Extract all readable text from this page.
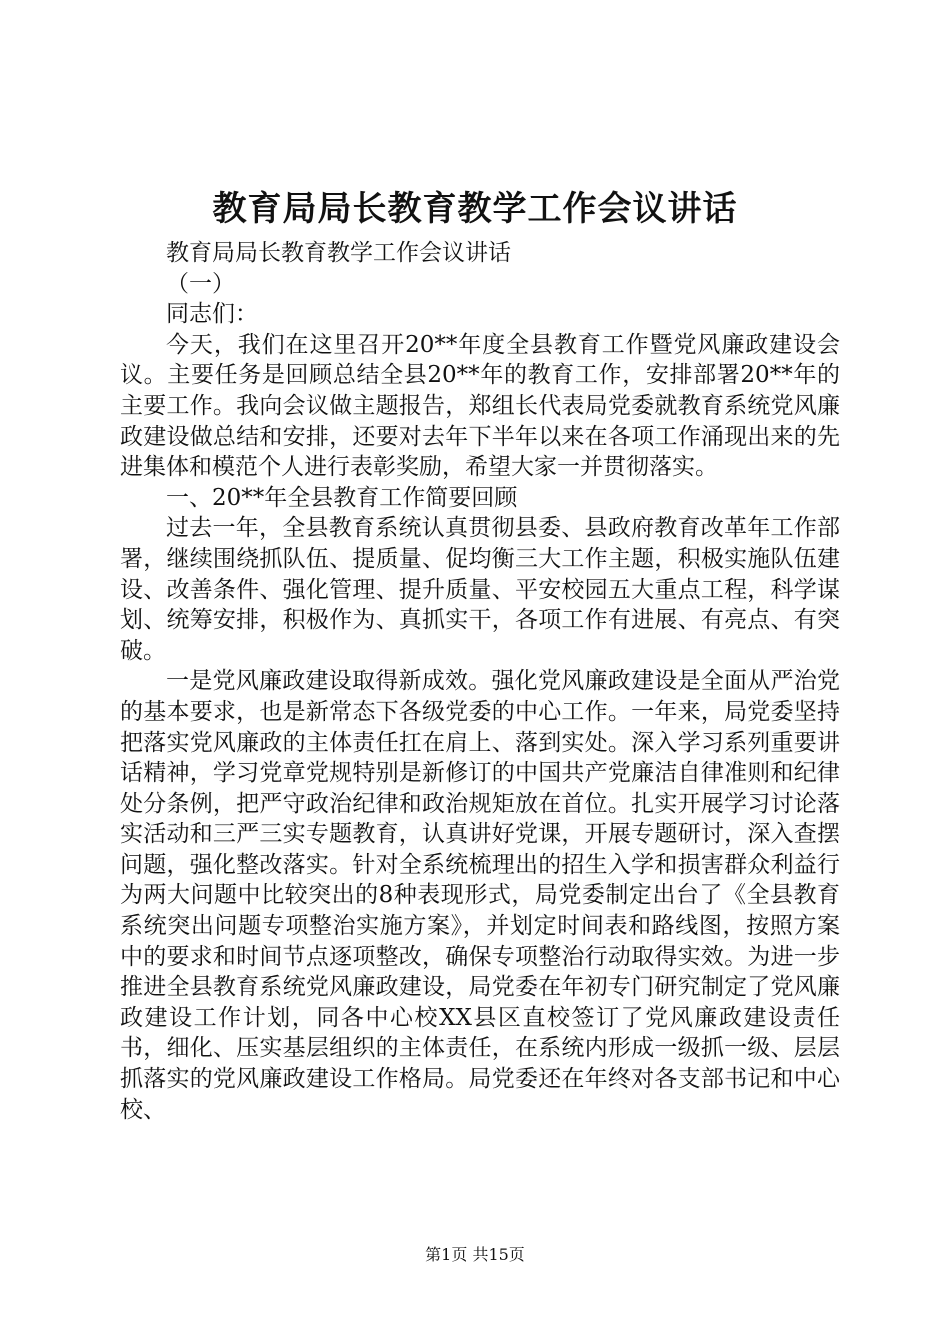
教育局局长教育教学工作会议讲话

教育局局长教育教学工作会议讲话

（一）

同志们：

今天，我们在这里召开20**年度全县教育工作暨党风廉政建设会议。主要任务是回顾总结全县20**年的教育工作，安排部署20**年的主要工作。我向会议做主题报告，郑组长代表局党委就教育系统党风廉政建设做总结和安排，还要对去年下半年以来在各项工作涌现出来的先进集体和模范个人进行表彰奖励，希望大家一并贯彻落实。

一、20**年全县教育工作简要回顾

过去一年，全县教育系统认真贯彻县委、县政府教育改革年工作部署，继续围绕抓队伍、提质量、促均衡三大工作主题，积极实施队伍建设、改善条件、强化管理、提升质量、平安校园五大重点工程，科学谋划、统筹安排，积极作为、真抓实干，各项工作有进展、有亮点、有突破。

一是党风廉政建设取得新成效。强化党风廉政建设是全面从严治党的基本要求，也是新常态下各级党委的中心工作。一年来，局党委坚持把落实党风廉政的主体责任扛在肩上、落到实处。深入学习系列重要讲话精神，学习党章党规特别是新修订的中国共产党廉洁自律准则和纪律处分条例，把严守政治纪律和政治规矩放在首位。扎实开展学习讨论落实活动和三严三实专题教育，认真讲好党课，开展专题研讨，深入查摆问题，强化整改落实。针对全系统梳理出的招生入学和损害群众利益行为两大问题中比较突出的8种表现形式，局党委制定出台了《全县教育系统突出问题专项整治实施方案》，并划定时间表和路线图，按照方案中的要求和时间节点逐项整改，确保专项整治行动取得实效。为进一步推进全县教育系统党风廉政建设，局党委在年初专门研究制定了党风廉政建设工作计划，同各中心校XX县区直校签订了党风廉政建设责任书，细化、压实基层组织的主体责任，在系统内形成一级抓一级、层层抓落实的党风廉政建设工作格局。局党委还在年终对各支部书记和中心校、

第1页 共15页
